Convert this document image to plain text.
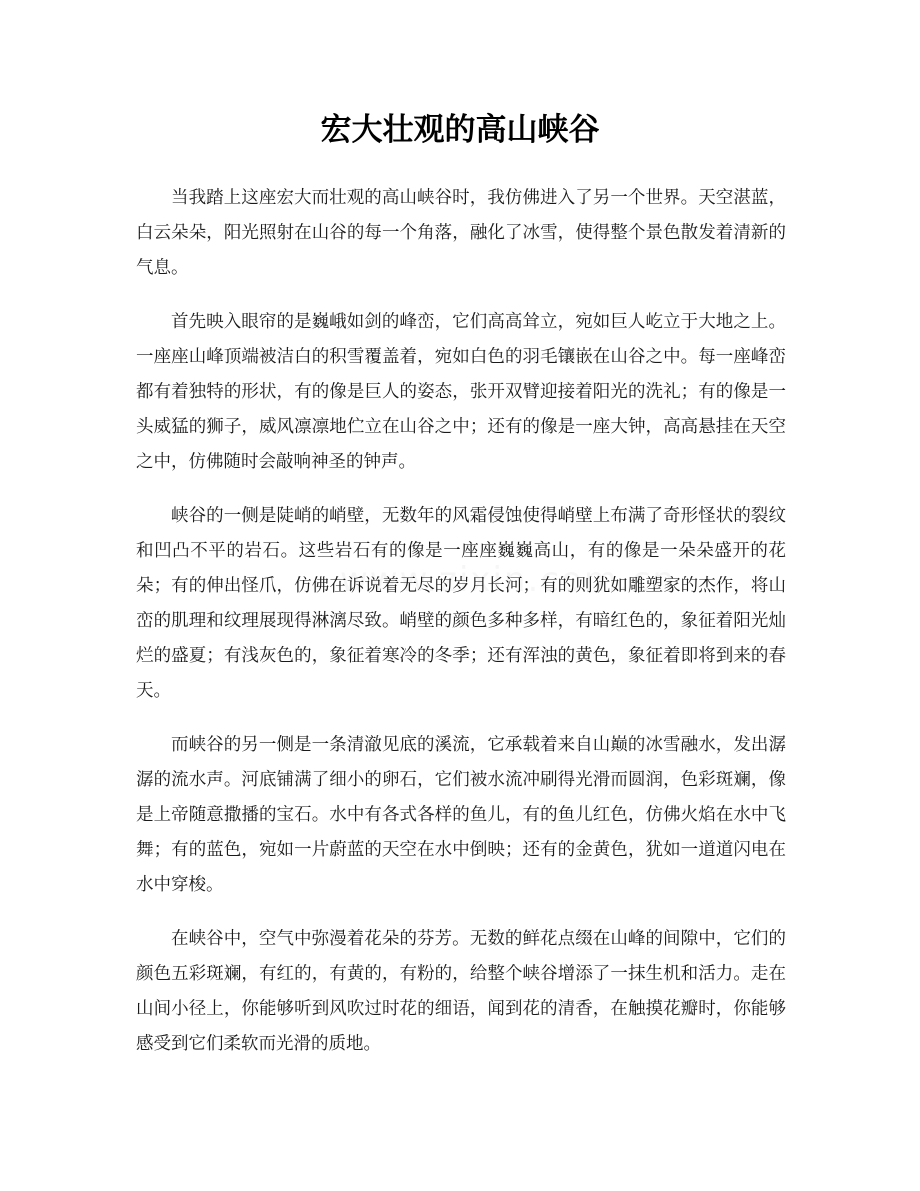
宏大壮观的高山峡谷

当我踏上这座宏大而壮观的高山峡谷时，我仿佛进入了另一个世界。天空湛蓝，白云朵朵，阳光照射在山谷的每一个角落，融化了冰雪，使得整个景色散发着清新的气息。

首先映入眼帘的是巍峨如剑的峰峦，它们高高耸立，宛如巨人屹立于大地之上。一座座山峰顶端被洁白的积雪覆盖着，宛如白色的羽毛镶嵌在山谷之中。每一座峰峦都有着独特的形状，有的像是巨人的姿态，张开双臂迎接着阳光的洗礼；有的像是一头威猛的狮子，威风凛凛地伫立在山谷之中；还有的像是一座大钟，高高悬挂在天空之中，仿佛随时会敲响神圣的钟声。

峡谷的一侧是陡峭的峭壁，无数年的风霜侵蚀使得峭壁上布满了奇形怪状的裂纹和凹凸不平的岩石。这些岩石有的像是一座座巍巍高山，有的像是一朵朵盛开的花朵；有的伸出怪爪，仿佛在诉说着无尽的岁月长河；有的则犹如雕塑家的杰作，将山峦的肌理和纹理展现得淋漓尽致。峭壁的颜色多种多样，有暗红色的，象征着阳光灿烂的盛夏；有浅灰色的，象征着寒冷的冬季；还有浑浊的黄色，象征着即将到来的春天。

而峡谷的另一侧是一条清澈见底的溪流，它承载着来自山巅的冰雪融水，发出潺潺的流水声。河底铺满了细小的卵石，它们被水流冲刷得光滑而圆润，色彩斑斓，像是上帝随意撒播的宝石。水中有各式各样的鱼儿，有的鱼儿红色，仿佛火焰在水中飞舞；有的蓝色，宛如一片蔚蓝的天空在水中倒映；还有的金黄色，犹如一道道闪电在水中穿梭。

在峡谷中，空气中弥漫着花朵的芬芳。无数的鲜花点缀在山峰的间隙中，它们的颜色五彩斑斓，有红的，有黄的，有粉的，给整个峡谷增添了一抹生机和活力。走在山间小径上，你能够听到风吹过时花的细语，闻到花的清香，在触摸花瓣时，你能够感受到它们柔软而光滑的质地。
